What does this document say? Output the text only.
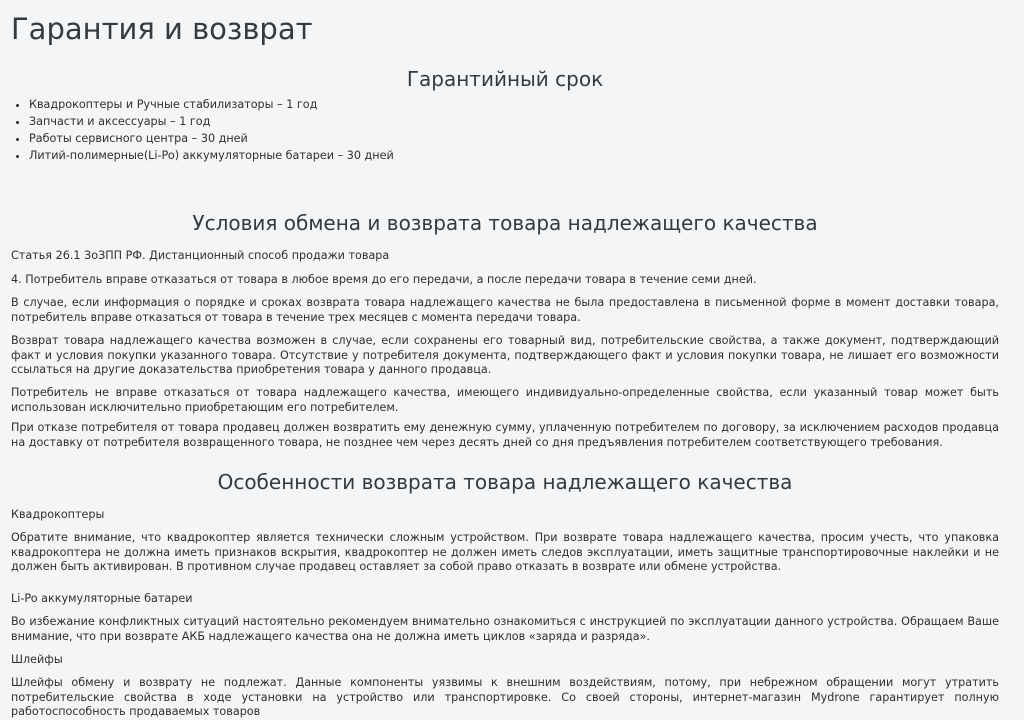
Гарантия и возврат
Гарантийный срок
• Квадрокоптеры и Ручные стабилизаторы – 1 год
• Запчасти и аксессуары – 1 год
• Работы сервисного центра – 30 дней
• Литий-полимерные(Li-Po) аккумуляторные батареи – 30 дней
Условия обмена и возврата товара надлежащего качества

Статья 26.1 ЗоЗПП РФ. Дистанционный способ продажи товара

4. Потребитель вправе отказаться от товара в любое время до его передачи, а после передачи товара в течение семи дней.

В случае, если информация о порядке и сроках возврата товара надлежащего качества не была предоставлена в письменной форме в момент доставки товара, потребитель вправе отказаться от товара в течение трех месяцев с момента передачи товара.

Возврат товара надлежащего качества возможен в случае, если сохранены его товарный вид, потребительские свойства, а также документ, подтверждающий факт и условия покупки указанного товара. Отсутствие у потребителя документа, подтверждающего факт и условия покупки товара, не лишает его возможности ссылаться на другие доказательства приобретения товара у данного продавца.

Потребитель не вправе отказаться от товара надлежащего качества, имеющего индивидуально-определенные свойства, если указанный товар может быть использован исключительно приобретающим его потребителем.

При отказе потребителя от товара продавец должен возвратить ему денежную сумму, уплаченную потребителем по договору, за исключением расходов продавца на доставку от потребителя возвращенного товара, не позднее чем через десять дней со дня предъявления потребителем соответствующего требования.

Особенности возврата товара надлежащего качества

Квадрокоптеры

Обратите внимание, что квадрокоптер является технически сложным устройством. При возврате товара надлежащего качества, просим учесть, что упаковка квадрокоптера не должна иметь признаков вскрытия, квадрокоптер не должен иметь следов эксплуатации, иметь защитные транспортировочные наклейки и не должен быть активирован. В противном случае продавец оставляет за собой право отказать в возврате или обмене устройства.

Li-Po аккумуляторные батареи

Во избежание конфликтных ситуаций настоятельно рекомендуем внимательно ознакомиться с инструкцией по эксплуатации данного устройства. Обращаем Ваше внимание, что при возврате АКБ надлежащего качества она не должна иметь циклов «заряда и разряда».

Шлейфы

Шлейфы обмену и возврату не подлежат. Данные компоненты уязвимы к внешним воздействиям, потому, при небрежном обращении могут утратить потребительские свойства в ходе установки на устройство или транспортировке. Со своей стороны, интернет-магазин Mydrone гарантирует полную работоспособность продаваемых товаров
